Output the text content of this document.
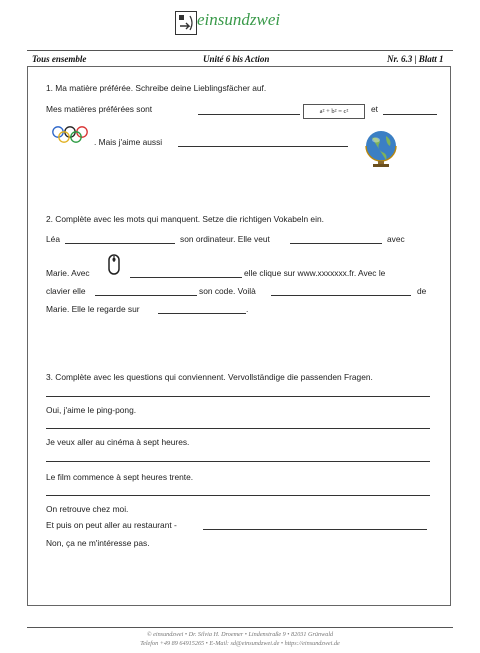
einsundzwei
Tous ensemble	Unité 6 bis Action	Nr. 6.3 | Blatt 1
1. Ma matière préférée. Schreibe deine Lieblingsfächer auf.
Mes matières préférées sont	a² + b² = c²	et
. Mais j'aime aussi
2. Complète avec les mots qui manquent. Setze die richtigen Vokabeln ein.
Léa	son ordinateur. Elle veut	avec
Marie. Avec	elle clique sur www.xxxxxxx.fr. Avec le
clavier elle	son code. Voilà	de
Marie. Elle le regarde sur	.
3. Complète avec les questions qui conviennent. Vervollständige die passenden Fragen.
Oui, j'aime le ping-pong.
Je veux aller au cinéma à sept heures.
Le film commence à sept heures trente.
On retrouve chez moi.
Et puis on peut aller au restaurant -
Non, ça ne m'intéresse pas.
© einsundzwei • Dr. Silvia H. Droemer • Lindenstraße 9 • 82031 Grünwald
Telefon +49 89 64915265 • E-Mail: sd@einsundzwei.de • https://einsundzwei.de
